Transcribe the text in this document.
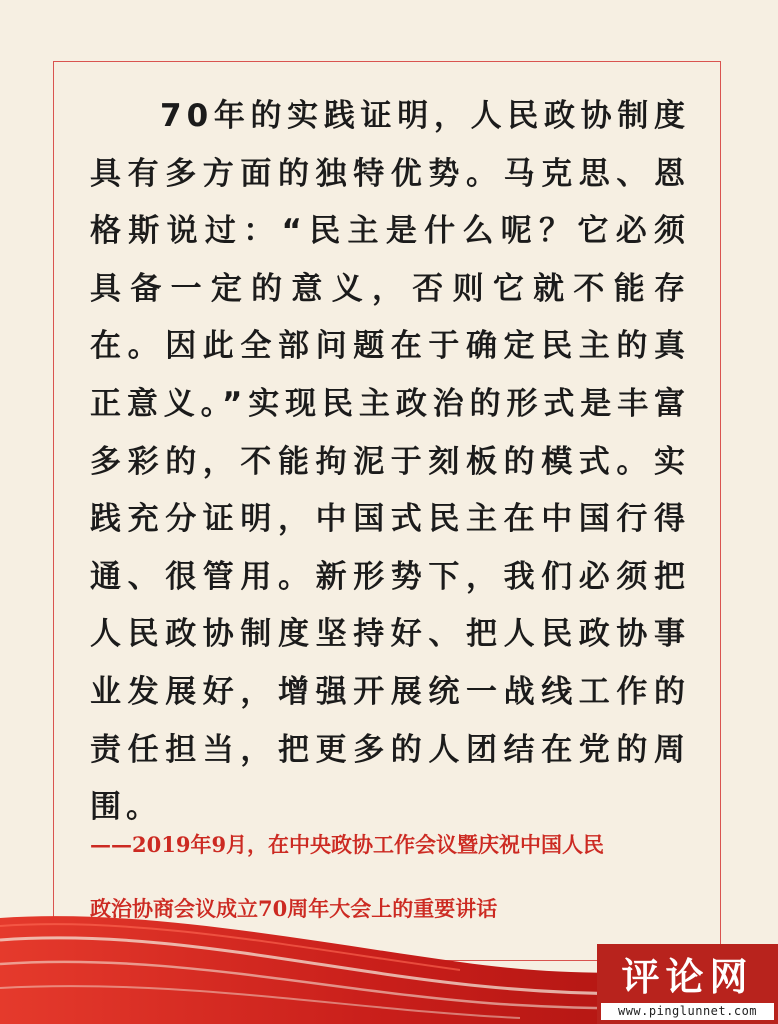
70年的实践证明，人民政协制度具有多方面的独特优势。马克思、恩格斯说过：“民主是什么呢？它必须具备一定的意义，否则它就不能存在。因此全部问题在于确定民主的真正意义。”实现民主政治的形式是丰富多彩的，不能拘泥于刻板的模式。实践充分证明，中国式民主在中国行得通、很管用。新形势下，我们必须把人民政协制度坚持好、把人民政协事业发展好，增强开展统一战线工作的责任担当，把更多的人团结在党的周围。

——2019年9月，在中央政协工作会议暨庆祝中国人民

政治协商会议成立70周年大会上的重要讲话

评论网
www.pinglunnet.com
